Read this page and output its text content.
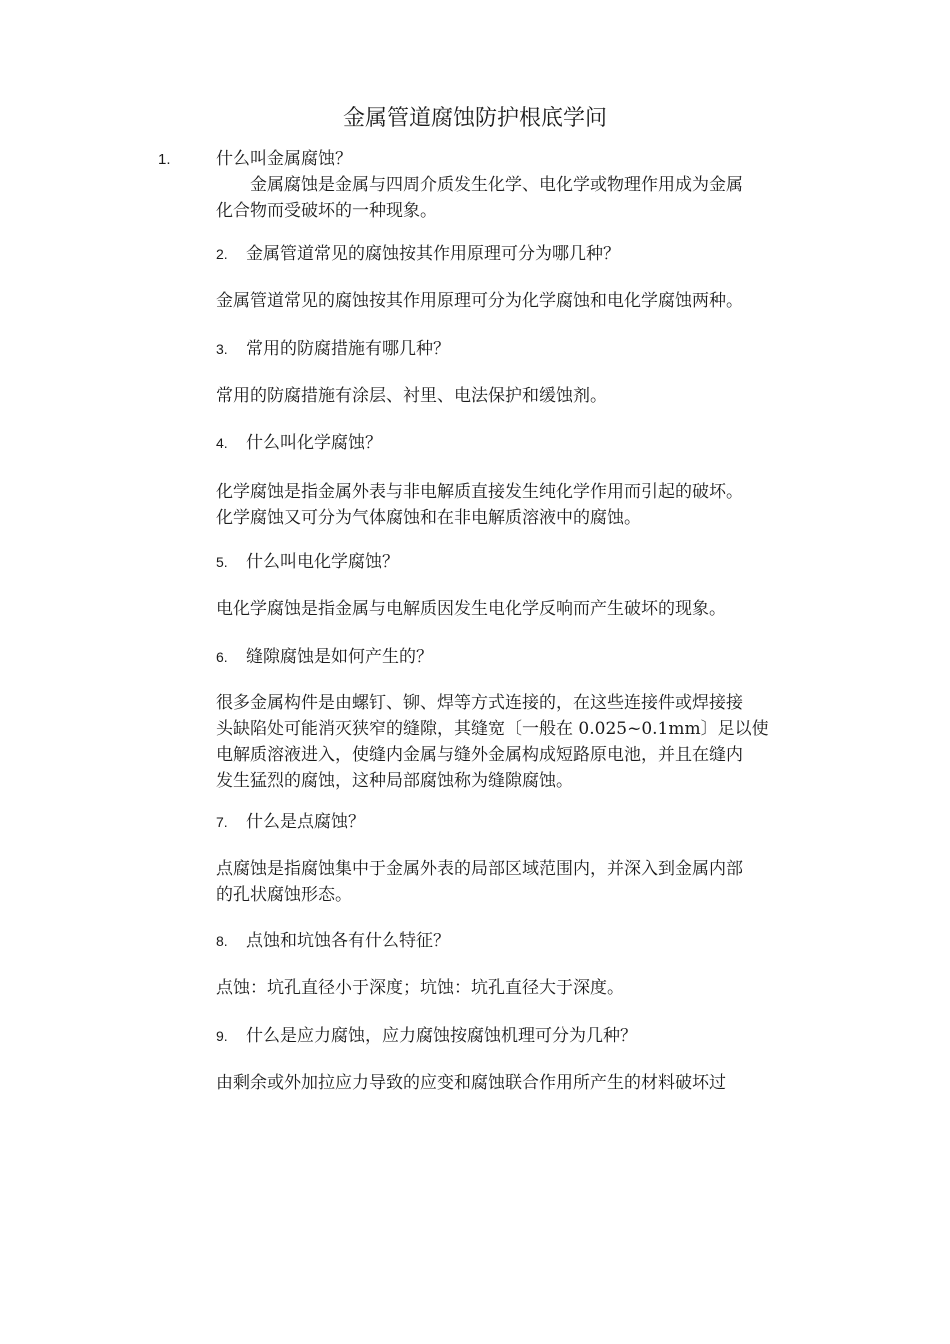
金属管道腐蚀防护根底学问
1.	什么叫金属腐蚀？
金属腐蚀是金属与四周介质发生化学、电化学或物理作用成为金属
化合物而受破坏的一种现象。
2. 金属管道常见的腐蚀按其作用原理可分为哪几种？
金属管道常见的腐蚀按其作用原理可分为化学腐蚀和电化学腐蚀两种。
3. 常用的防腐措施有哪几种？
常用的防腐措施有涂层、衬里、电法保护和缓蚀剂。
4. 什么叫化学腐蚀？
化学腐蚀是指金属外表与非电解质直接发生纯化学作用而引起的破坏。
化学腐蚀又可分为气体腐蚀和在非电解质溶液中的腐蚀。
5. 什么叫电化学腐蚀？
电化学腐蚀是指金属与电解质因发生电化学反响而产生破坏的现象。
6. 缝隙腐蚀是如何产生的？
很多金属构件是由螺钉、铆、焊等方式连接的，在这些连接件或焊接接
头缺陷处可能消灭狭窄的缝隙，其缝宽〔一般在 0.025~0.1mm〕足以使
电解质溶液进入，使缝内金属与缝外金属构成短路原电池，并且在缝内
发生猛烈的腐蚀，这种局部腐蚀称为缝隙腐蚀。
7. 什么是点腐蚀？
点腐蚀是指腐蚀集中于金属外表的局部区域范围内，并深入到金属内部
的孔状腐蚀形态。
8. 点蚀和坑蚀各有什么特征？
点蚀：坑孔直径小于深度；坑蚀：坑孔直径大于深度。
9. 什么是应力腐蚀，应力腐蚀按腐蚀机理可分为几种？
由剩余或外加拉应力导致的应变和腐蚀联合作用所产生的材料破坏过
